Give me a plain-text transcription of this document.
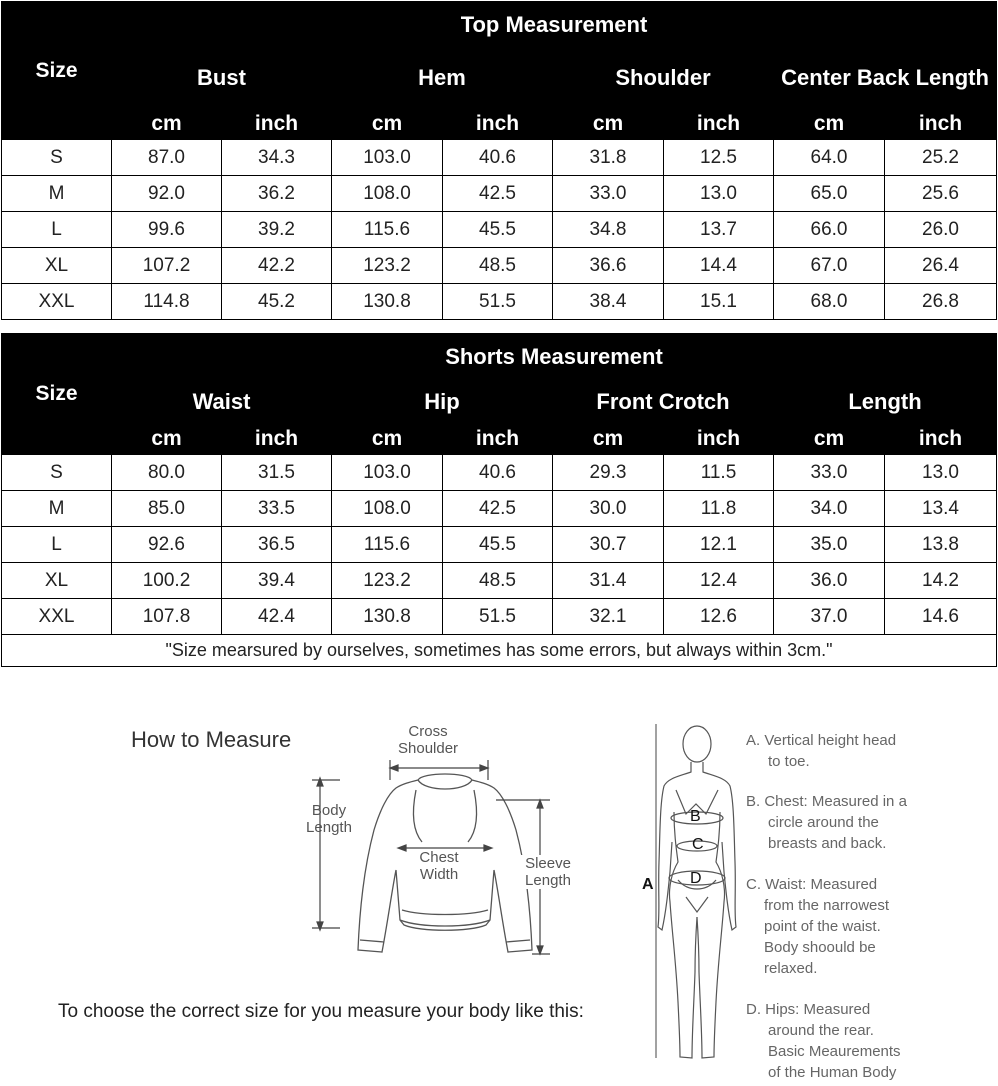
Size	Top Measurement							
	Bust		Hem		Shoulder		Center Back Length	
	cm	inch	cm	inch	cm	inch	cm	inch
S	87.0	34.3	103.0	40.6	31.8	12.5	64.0	25.2
M	92.0	36.2	108.0	42.5	33.0	13.0	65.0	25.6
L	99.6	39.2	115.6	45.5	34.8	13.7	66.0	26.0
XL	107.2	42.2	123.2	48.5	36.6	14.4	67.0	26.4
XXL	114.8	45.2	130.8	51.5	38.4	15.1	68.0	26.8
Size	Shorts Measurement							
	Waist		Hip		Front Crotch		Length	
	cm	inch	cm	inch	cm	inch	cm	inch
S	80.0	31.5	103.0	40.6	29.3	11.5	33.0	13.0
M	85.0	33.5	108.0	42.5	30.0	11.8	34.0	13.4
L	92.6	36.5	115.6	45.5	30.7	12.1	35.0	13.8
XL	100.2	39.4	123.2	48.5	31.4	12.4	36.0	14.2
XXL	107.8	42.4	130.8	51.5	32.1	12.6	37.0	14.6
"Size mearsured by ourselves, sometimes has some errors, but always within 3cm."								
How to Measure	Cross
Shoulder
Body
Length
Chest
Width
Sleeve
Length
To choose the correct size for you measure your body like this:
B
C
D
A
A. Vertical height head
to toe.
B. Chest: Measured in a
circle around the
breasts and back.
C. Waist: Measured
from the narrowest
point of the waist.
Body shoould be
relaxed.
D. Hips: Measured
around the rear.
Basic Meaurements
of the Human Body
